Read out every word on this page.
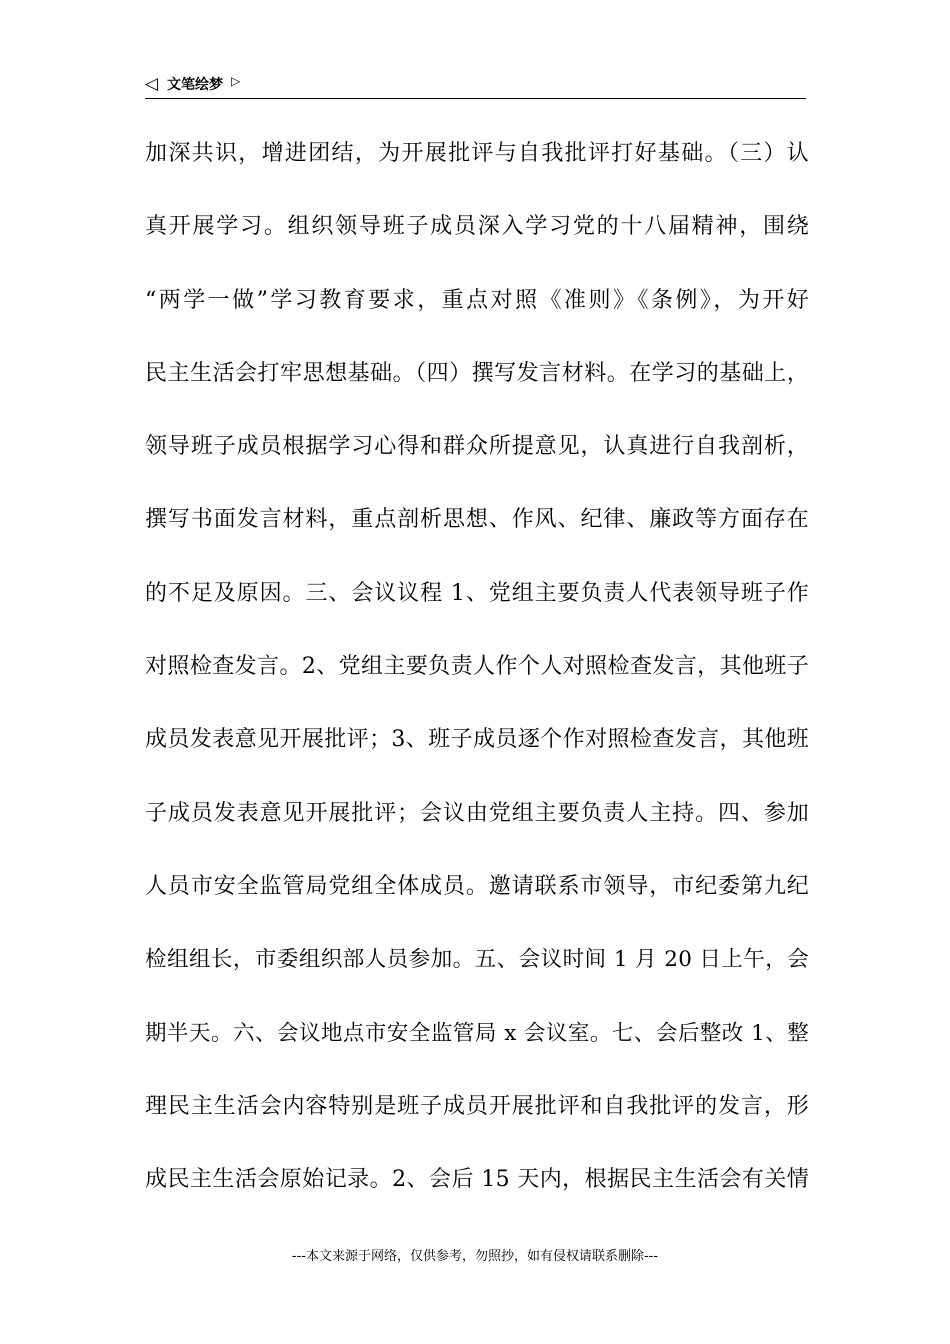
◁ 文笔绘梦 ▷
加深共识，增进团结，为开展批评与自我批评打好基础。（三）认
真开展学习。组织领导班子成员深入学习党的十八届精神，围绕
“两学一做”学习教育要求，重点对照《准则》《条例》，为开好
民主生活会打牢思想基础。（四）撰写发言材料。在学习的基础上，
领导班子成员根据学习心得和群众所提意见，认真进行自我剖析，
撰写书面发言材料，重点剖析思想、作风、纪律、廉政等方面存在
的不足及原因。三、会议议程 1、党组主要负责人代表领导班子作
对照检查发言。2、党组主要负责人作个人对照检查发言，其他班子
成员发表意见开展批评；3、班子成员逐个作对照检查发言，其他班
子成员发表意见开展批评；会议由党组主要负责人主持。四、参加
人员市安全监管局党组全体成员。邀请联系市领导，市纪委第九纪
检组组长，市委组织部人员参加。五、会议时间 1 月 20 日上午，会
期半天。六、会议地点市安全监管局 x 会议室。七、会后整改 1、整
理民主生活会内容特别是班子成员开展批评和自我批评的发言，形
成民主生活会原始记录。2、会后 15 天内，根据民主生活会有关情
---本文来源于网络，仅供参考，勿照抄，如有侵权请联系删除---
